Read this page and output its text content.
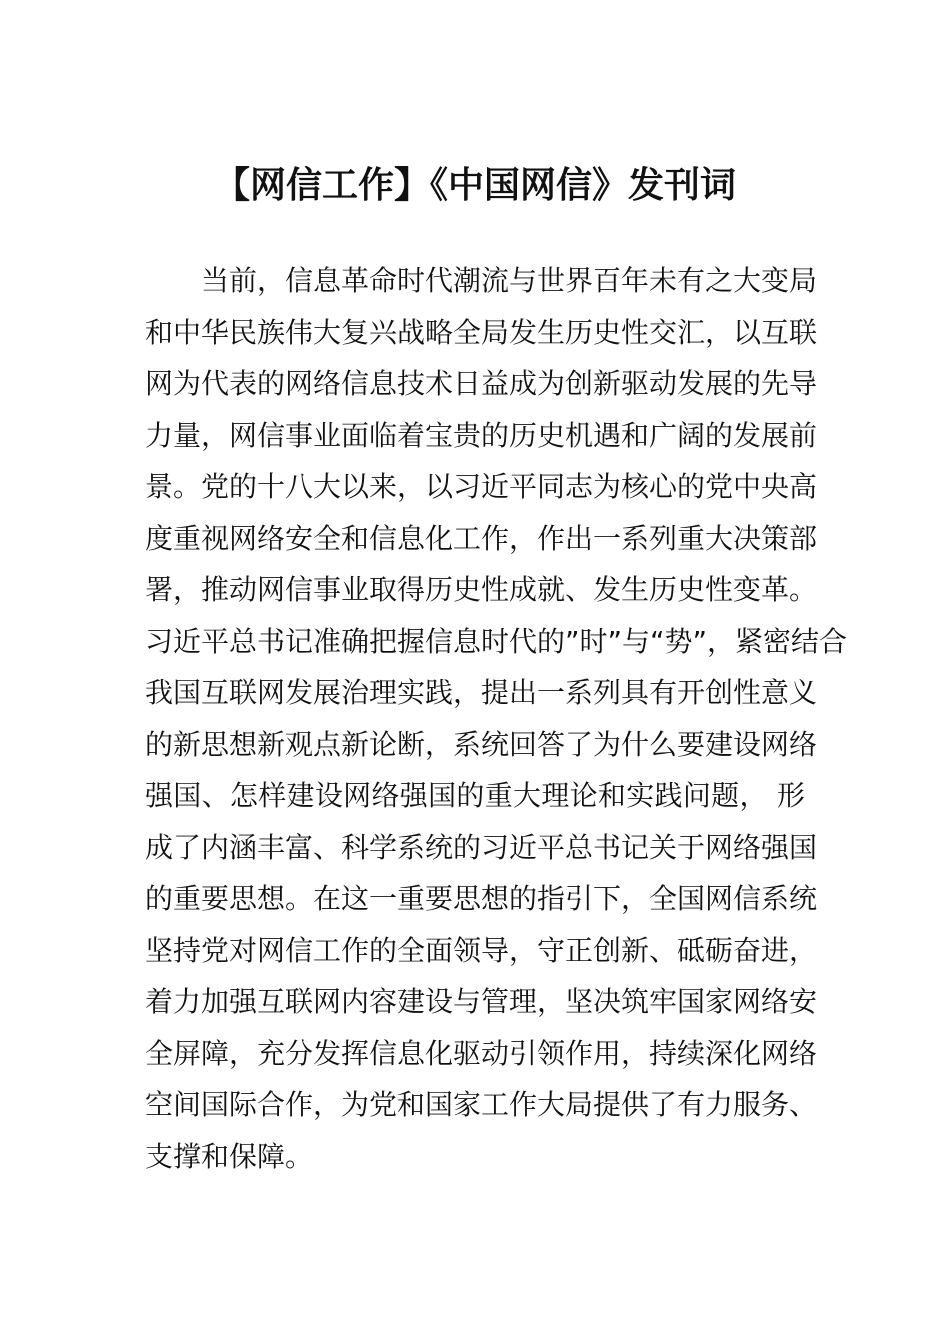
【网信工作】《中国网信》发刊词
当前，信息革命时代潮流与世界百年未有之大变局
和中华民族伟大复兴战略全局发生历史性交汇，以互联
网为代表的网络信息技术日益成为创新驱动发展的先导
力量，网信事业面临着宝贵的历史机遇和广阔的发展前
景。党的十八大以来，以习近平同志为核心的党中央高
度重视网络安全和信息化工作，作出一系列重大决策部
署，推动网信事业取得历史性成就、发生历史性变革。
习近平总书记准确把握信息时代的”时”与“势”，紧密结合
我国互联网发展治理实践，提出一系列具有开创性意义
的新思想新观点新论断，系统回答了为什么要建设网络
强国、怎样建设网络强国的重大理论和实践问题， 形
成了内涵丰富、科学系统的习近平总书记关于网络强国
的重要思想。在这一重要思想的指引下，全国网信系统
坚持党对网信工作的全面领导，守正创新、砥砺奋进，
着力加强互联网内容建设与管理，坚决筑牢国家网络安
全屏障，充分发挥信息化驱动引领作用，持续深化网络
空间国际合作，为党和国家工作大局提供了有力服务、
支撑和保障。
